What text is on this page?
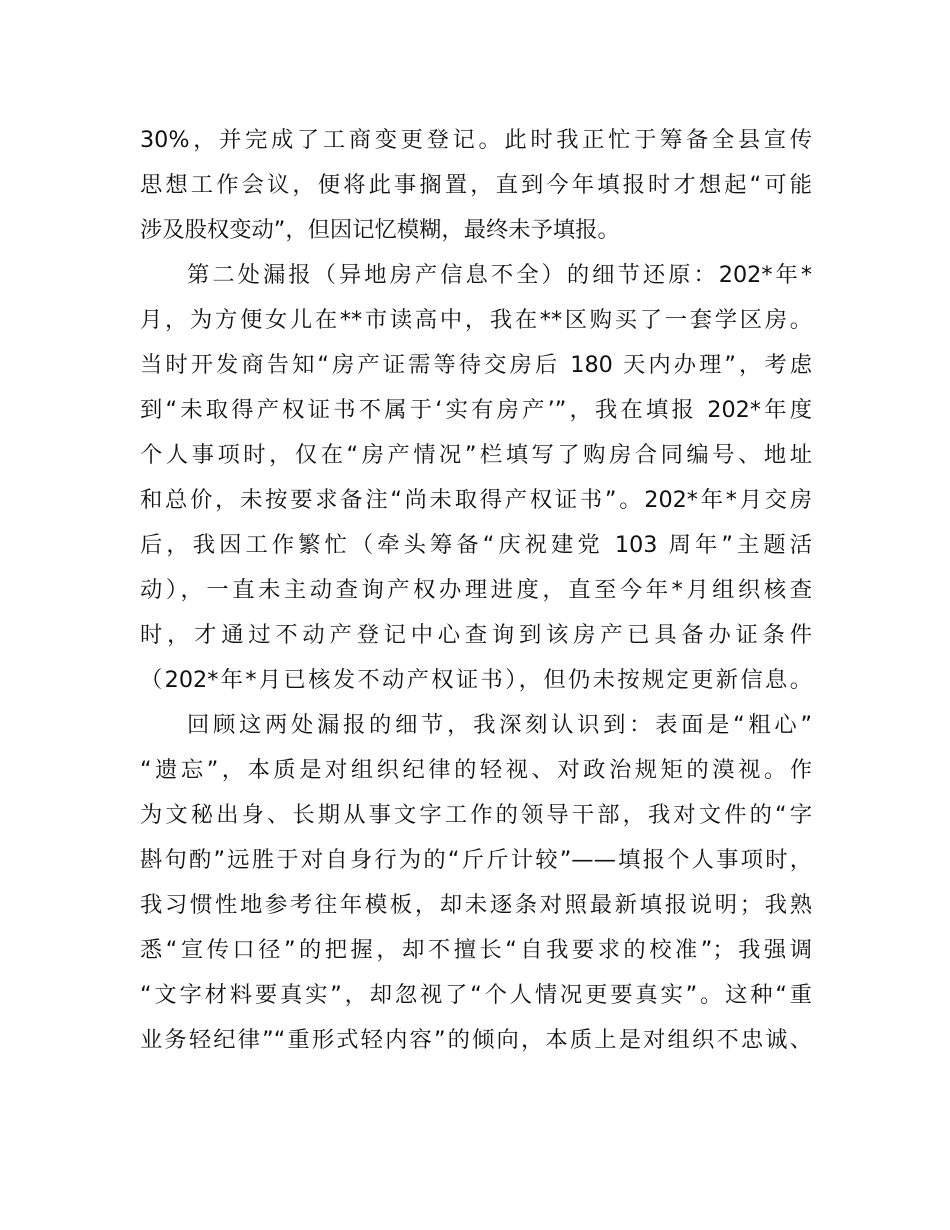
30%，并完成了工商变更登记。此时我正忙于筹备全县宣传
思想工作会议，便将此事搁置，直到今年填报时才想起“可能
涉及股权变动”，但因记忆模糊，最终未予填报。
第二处漏报（异地房产信息不全）的细节还原：202*年*
月，为方便女儿在**市读高中，我在**区购买了一套学区房。
当时开发商告知“房产证需等待交房后 180 天内办理”，考虑
到“未取得产权证书不属于‘实有房产’”，我在填报 202*年度
个人事项时，仅在“房产情况”栏填写了购房合同编号、地址
和总价，未按要求备注“尚未取得产权证书”。202*年*月交房
后，我因工作繁忙（牵头筹备“庆祝建党 103 周年”主题活
动），一直未主动查询产权办理进度，直至今年*月组织核查
时，才通过不动产登记中心查询到该房产已具备办证条件
（202*年*月已核发不动产权证书），但仍未按规定更新信息。
回顾这两处漏报的细节，我深刻认识到：表面是“粗心”
“遗忘”，本质是对组织纪律的轻视、对政治规矩的漠视。作
为文秘出身、长期从事文字工作的领导干部，我对文件的“字
斟句酌”远胜于对自身行为的“斤斤计较”——填报个人事项时，
我习惯性地参考往年模板，却未逐条对照最新填报说明；我熟
悉“宣传口径”的把握，却不擅长“自我要求的校准”；我强调
“文字材料要真实”，却忽视了“个人情况更要真实”。这种“重
业务轻纪律”“重形式轻内容”的倾向，本质上是对组织不忠诚、
